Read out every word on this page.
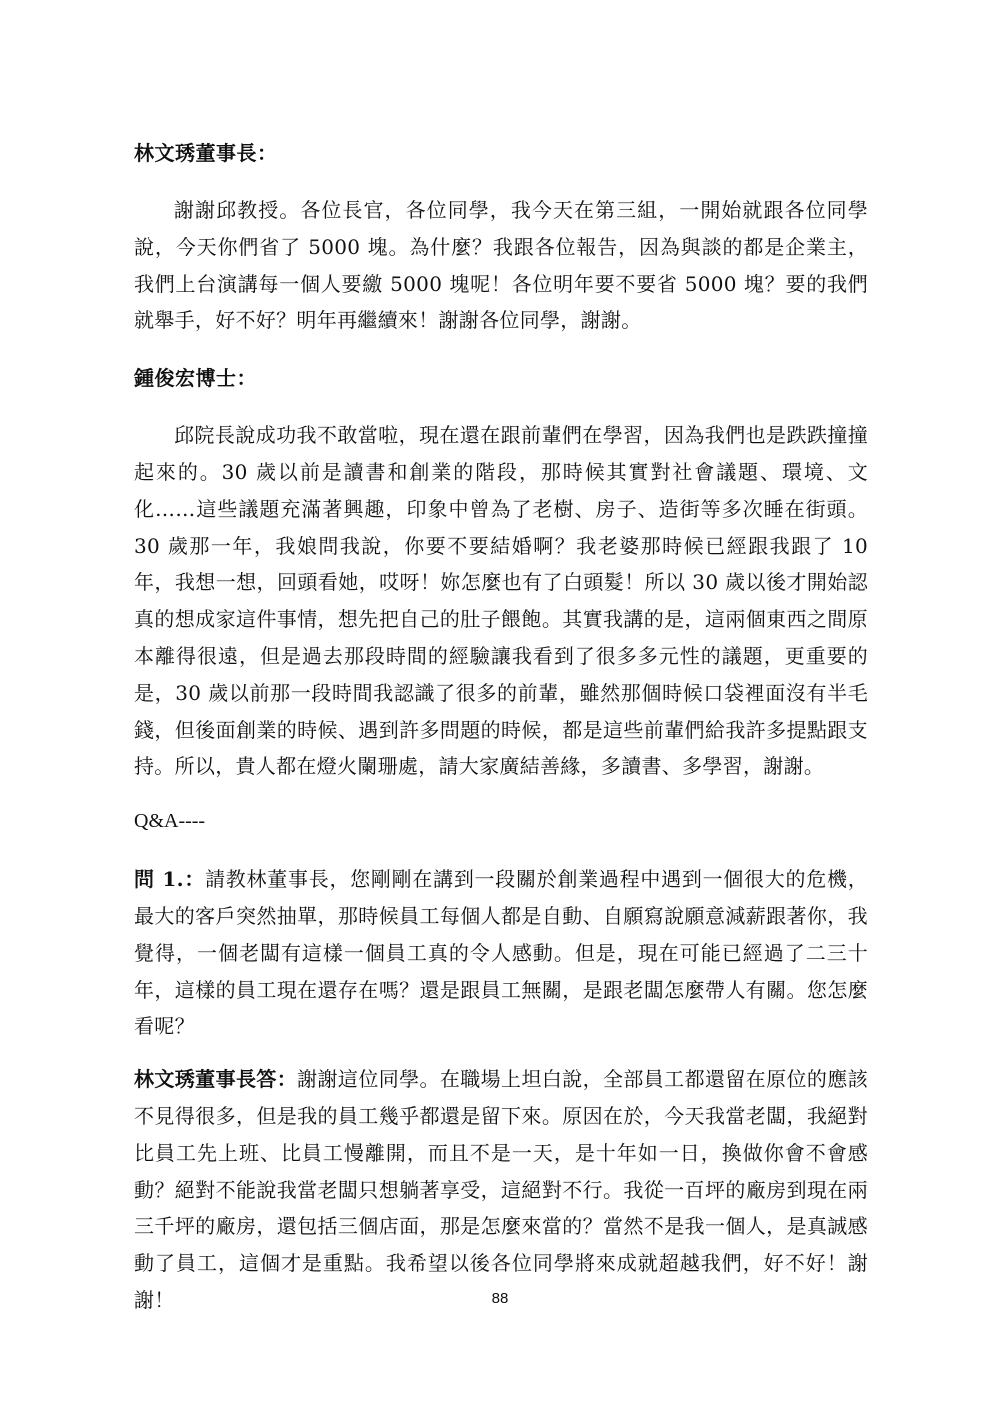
林文琇董事長：

謝謝邱教授。各位長官，各位同學，我今天在第三組，一開始就跟各位同學說，今天你們省了 5000 塊。為什麼？我跟各位報告，因為與談的都是企業主，我們上台演講每一個人要繳 5000 塊呢！各位明年要不要省 5000 塊？要的我們就舉手，好不好？明年再繼續來！謝謝各位同學，謝謝。

鍾俊宏博士：

邱院長說成功我不敢當啦，現在還在跟前輩們在學習，因為我們也是跌跌撞撞起來的。30 歲以前是讀書和創業的階段，那時候其實對社會議題、環境、文化……這些議題充滿著興趣，印象中曾為了老樹、房子、造街等多次睡在街頭。30 歲那一年，我娘問我說，你要不要結婚啊？我老婆那時候已經跟我跟了 10 年，我想一想，回頭看她，哎呀！妳怎麼也有了白頭髮！所以 30 歲以後才開始認真的想成家這件事情，想先把自己的肚子餵飽。其實我講的是，這兩個東西之間原本離得很遠，但是過去那段時間的經驗讓我看到了很多多元性的議題，更重要的是，30 歲以前那一段時間我認識了很多的前輩，雖然那個時候口袋裡面沒有半毛錢，但後面創業的時候、遇到許多問題的時候，都是這些前輩們給我許多提點跟支持。所以，貴人都在燈火闌珊處，請大家廣結善緣，多讀書、多學習，謝謝。

Q&A----

問 1.：請教林董事長，您剛剛在講到一段關於創業過程中遇到一個很大的危機，最大的客戶突然抽單，那時候員工每個人都是自動、自願寫說願意減薪跟著你，我覺得，一個老闆有這樣一個員工真的令人感動。但是，現在可能已經過了二三十年，這樣的員工現在還存在嗎？還是跟員工無關，是跟老闆怎麼帶人有關。您怎麼看呢？

林文琇董事長答：謝謝這位同學。在職場上坦白說，全部員工都還留在原位的應該不見得很多，但是我的員工幾乎都還是留下來。原因在於，今天我當老闆，我絕對比員工先上班、比員工慢離開，而且不是一天，是十年如一日，換做你會不會感動？絕對不能說我當老闆只想躺著享受，這絕對不行。我從一百坪的廠房到現在兩三千坪的廠房，還包括三個店面，那是怎麼來當的？當然不是我一個人，是真誠感動了員工，這個才是重點。我希望以後各位同學將來成就超越我們，好不好！謝謝！	88
